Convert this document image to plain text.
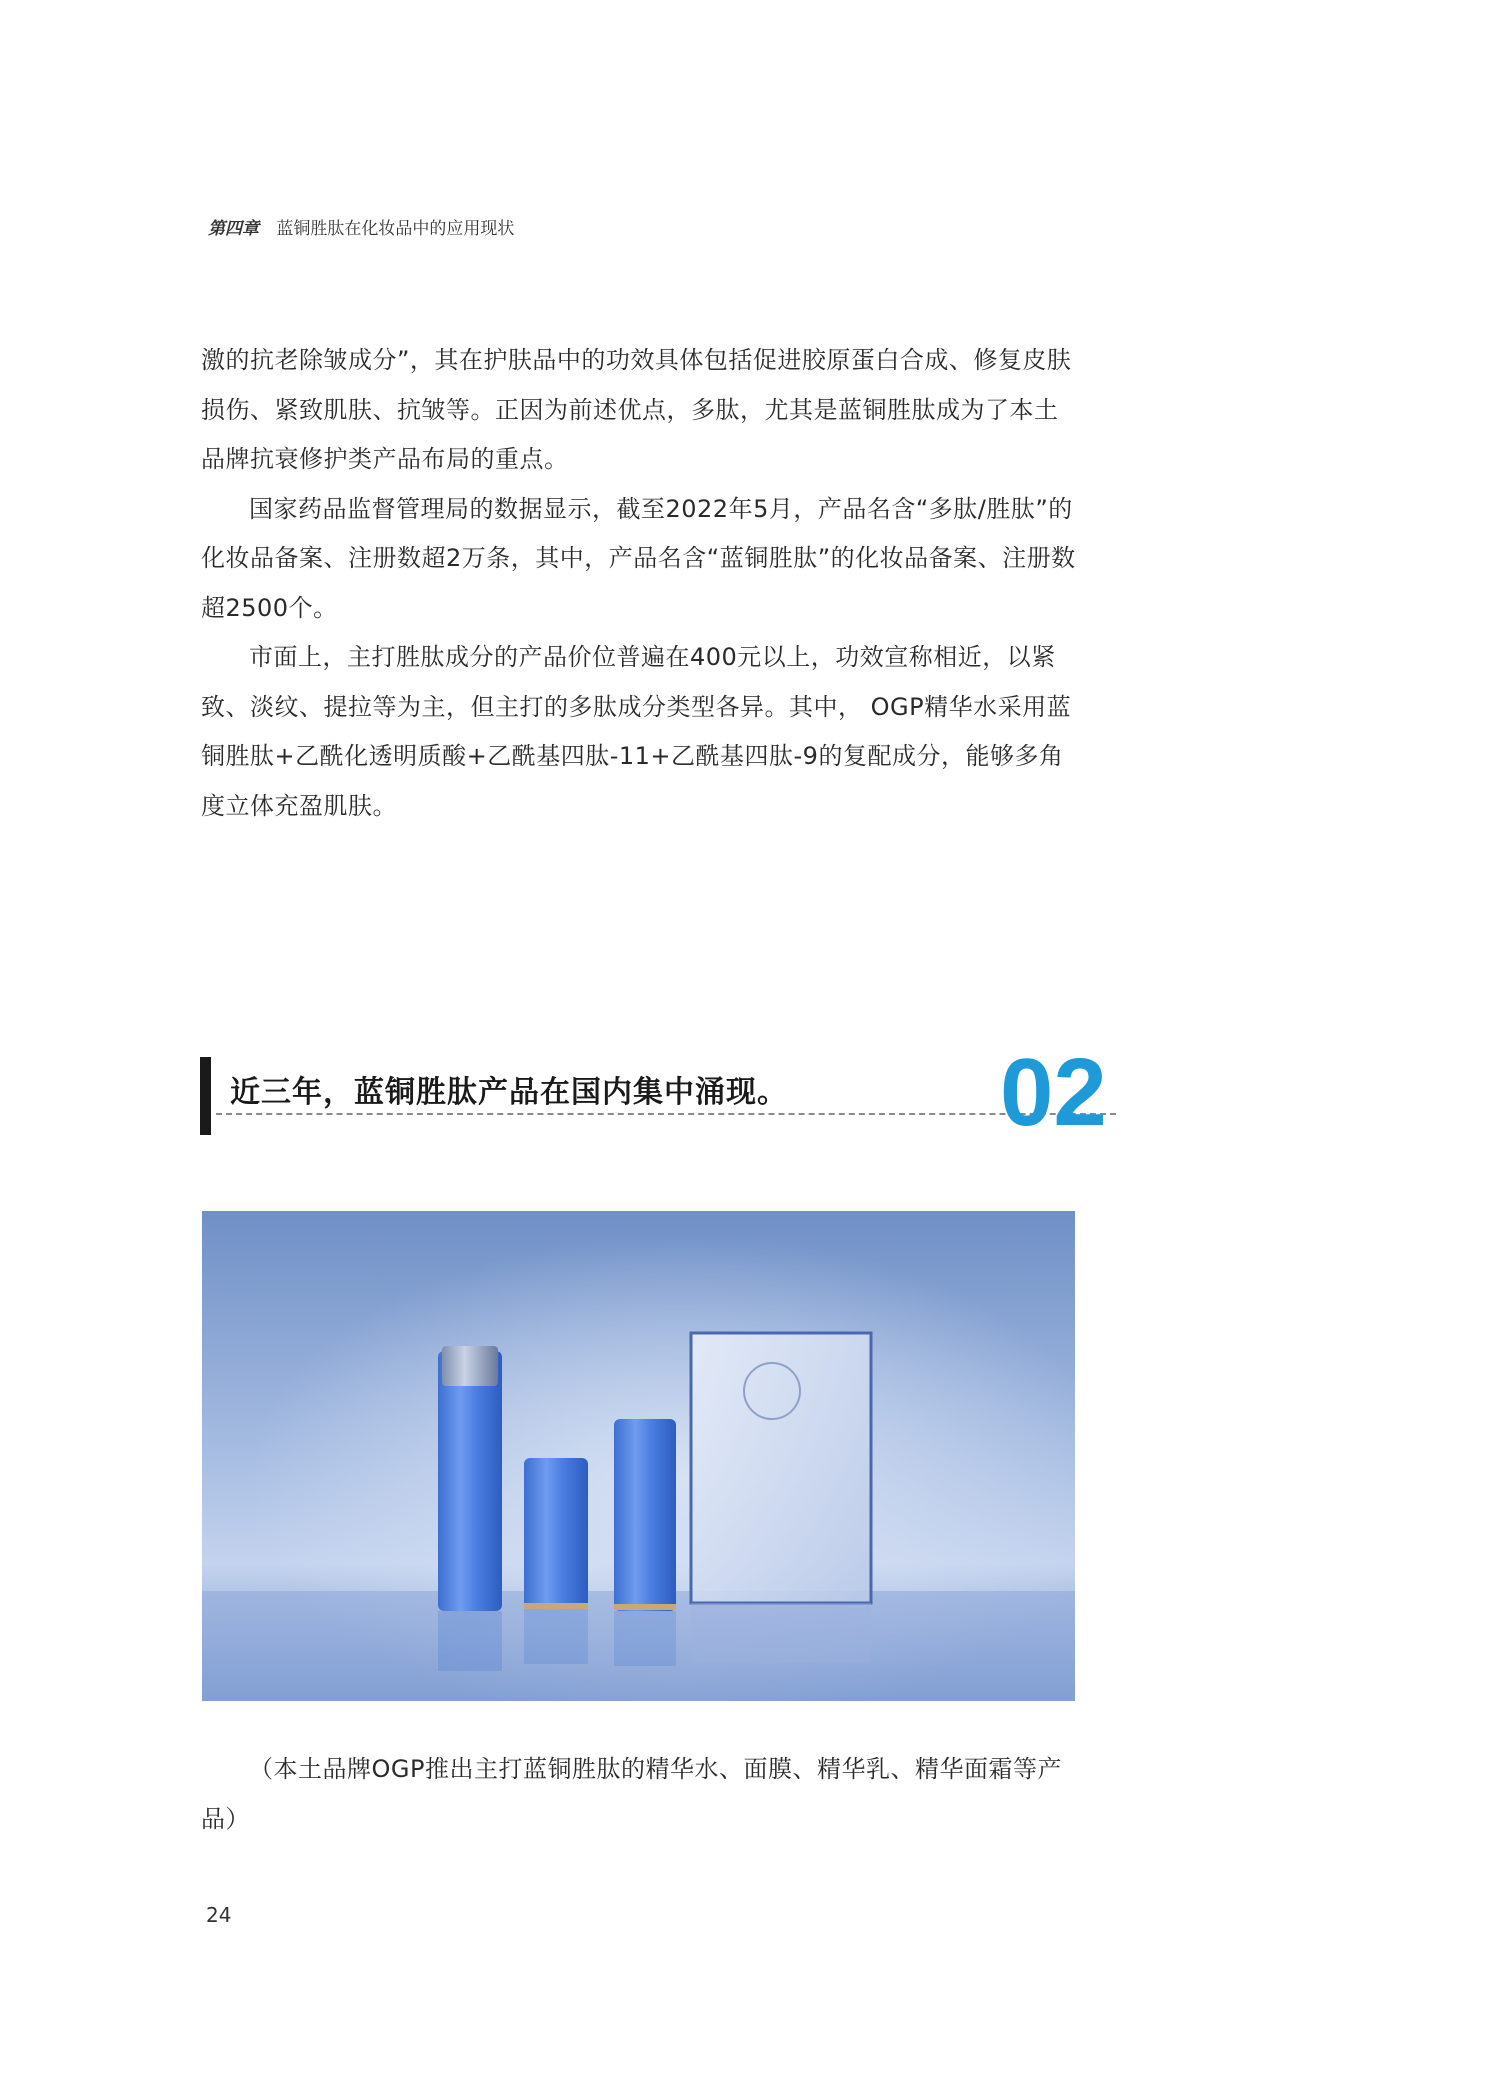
第四章 蓝铜胜肽在化妆品中的应用现状

激的抗老除皱成分”，其在护肤品中的功效具体包括促进胶原蛋白合成、修复皮肤损伤、紧致肌肤、抗皱等。正因为前述优点，多肽，尤其是蓝铜胜肽成为了本土品牌抗衰修护类产品布局的重点。

国家药品监督管理局的数据显示，截至2022年5月，产品名含“多肽/胜肽”的化妆品备案、注册数超2万条，其中，产品名含“蓝铜胜肽”的化妆品备案、注册数超2500个。

市面上，主打胜肽成分的产品价位普遍在400元以上，功效宣称相近，以紧致、淡纹、提拉等为主，但主打的多肽成分类型各异。其中， OGP精华水采用蓝铜胜肽+乙酰化透明质酸+乙酰基四肽-11+乙酰基四肽-9的复配成分，能够多角度立体充盈肌肤。

近三年，蓝铜胜肽产品在国内集中涌现。 02

（本土品牌OGP推出主打蓝铜胜肽的精华水、面膜、精华乳、精华面霜等产品）

24
